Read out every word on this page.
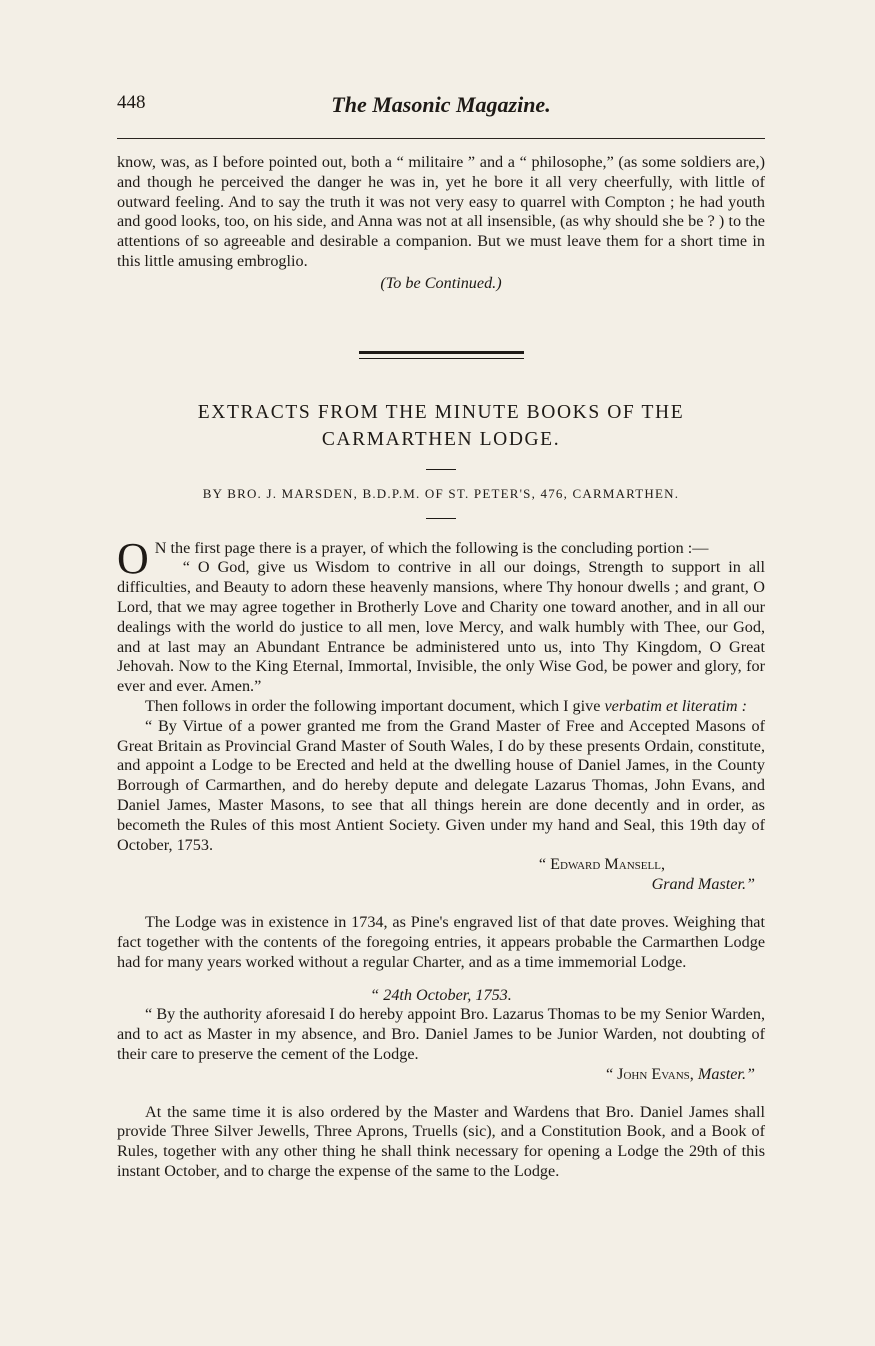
448	The Masonic Magazine.

know, was, as I before pointed out, both a “ militaire ” and a “ philosophe,” (as some soldiers are,) and though he perceived the danger he was in, yet he bore it all very cheerfully, with little of outward feeling. And to say the truth it was not very easy to quarrel with Compton ; he had youth and good looks, too, on his side, and Anna was not at all insensible, (as why should she be ? ) to the attentions of so agreeable and desirable a companion. But we must leave them for a short time in this little amusing embroglio.

(To be Continued.)
EXTRACTS FROM THE MINUTE BOOKS OF THE
CARMARTHEN LODGE.

BY BRO. J. MARSDEN, B.D.P.M. OF ST. PETER'S, 476, CARMARTHEN.

O N the first page there is a prayer, of which the following is the concluding portion :—

“ O God, give us Wisdom to contrive in all our doings, Strength to support in all difficulties, and Beauty to adorn these heavenly mansions, where Thy honour dwells ; and grant, O Lord, that we may agree together in Brotherly Love and Charity one toward another, and in all our dealings with the world do justice to all men, love Mercy, and walk humbly with Thee, our God, and at last may an Abundant Entrance be administered unto us, into Thy Kingdom, O Great Jehovah. Now to the King Eternal, Immortal, Invisible, the only Wise God, be power and glory, for ever and ever. Amen.”

Then follows in order the following important document, which I give verbatim et literatim :

“ By Virtue of a power granted me from the Grand Master of Free and Accepted Masons of Great Britain as Provincial Grand Master of South Wales, I do by these presents Ordain, constitute, and appoint a Lodge to be Erected and held at the dwelling house of Daniel James, in the County Borrough of Carmarthen, and do hereby depute and delegate Lazarus Thomas, John Evans, and Daniel James, Master Masons, to see that all things herein are done decently and in order, as becometh the Rules of this most Antient Society. Given under my hand and Seal, this 19th day of October, 1753.

“ Edward Mansell,
Grand Master.”

The Lodge was in existence in 1734, as Pine's engraved list of that date proves. Weighing that fact together with the contents of the foregoing entries, it appears probable the Carmarthen Lodge had for many years worked without a regular Charter, and as a time immemorial Lodge.

“ 24th October, 1753.

“ By the authority aforesaid I do hereby appoint Bro. Lazarus Thomas to be my Senior Warden, and to act as Master in my absence, and Bro. Daniel James to be Junior Warden, not doubting of their care to preserve the cement of the Lodge.

“ John Evans, Master.”

At the same time it is also ordered by the Master and Wardens that Bro. Daniel James shall provide Three Silver Jewells, Three Aprons, Truells (sic), and a Constitution Book, and a Book of Rules, together with any other thing he shall think necessary for opening a Lodge the 29th of this instant October, and to charge the expense of the same to the Lodge.
